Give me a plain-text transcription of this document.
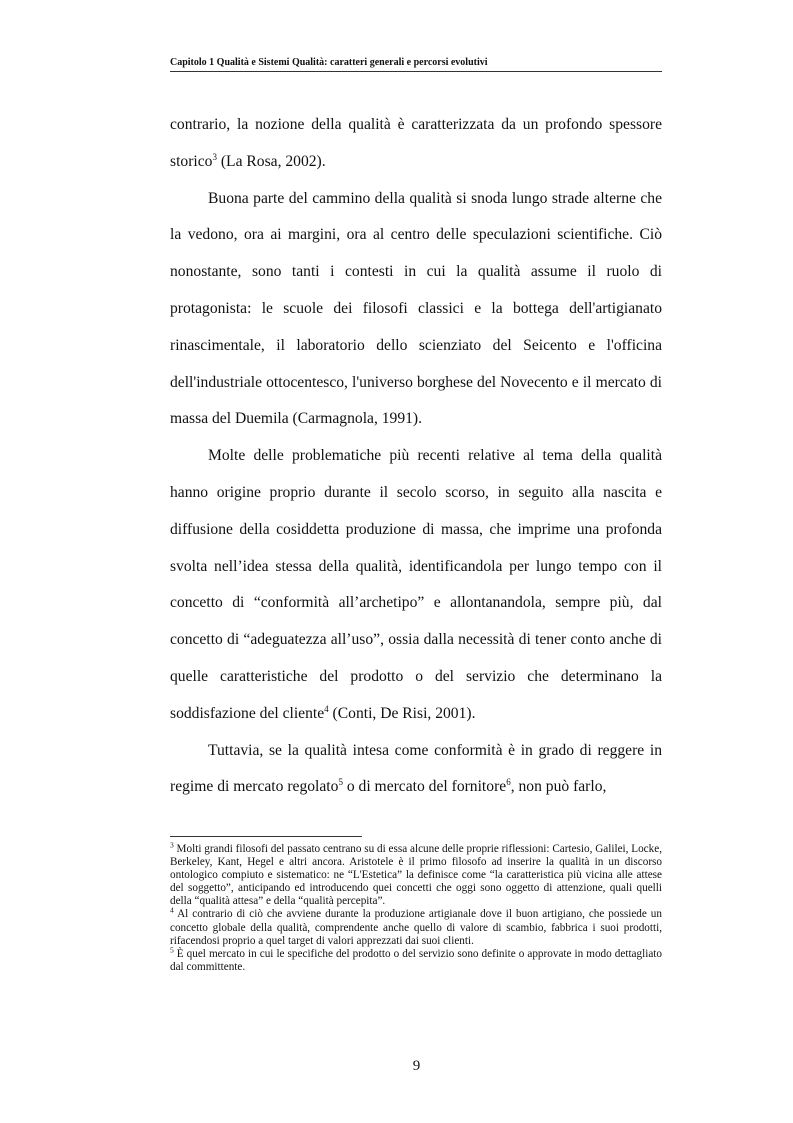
Capitolo 1 Qualità e Sistemi Qualità: caratteri generali e percorsi evolutivi

contrario, la nozione della qualità è caratterizzata da un profondo spessore storico$^3$ (La Rosa, 2002).

Buona parte del cammino della qualità si snoda lungo strade alterne che la vedono, ora ai margini, ora al centro delle speculazioni scientifiche. Ciò nonostante, sono tanti i contesti in cui la qualità assume il ruolo di protagonista: le scuole dei filosofi classici e la bottega dell'artigianato rinascimentale, il laboratorio dello scienziato del Seicento e l'officina dell'industriale ottocentesco, l'universo borghese del Novecento e il mercato di massa del Duemila (Carmagnola, 1991).

Molte delle problematiche più recenti relative al tema della qualità hanno origine proprio durante il secolo scorso, in seguito alla nascita e diffusione della cosiddetta produzione di massa, che imprime una profonda svolta nell’idea stessa della qualità, identificandola per lungo tempo con il concetto di “conformità all’archetipo” e allontanandola, sempre più, dal concetto di “adeguatezza all’uso”, ossia dalla necessità di tener conto anche di quelle caratteristiche del prodotto o del servizio che determinano la soddisfazione del cliente$^4$ (Conti, De Risi, 2001).

Tuttavia, se la qualità intesa come conformità è in grado di reggere in regime di mercato regolato$^5$ o di mercato del fornitore$^6$, non può farlo,

$^3$ Molti grandi filosofi del passato centrano su di essa alcune delle proprie riflessioni: Cartesio, Galilei, Locke, Berkeley, Kant, Hegel e altri ancora. Aristotele è il primo filosofo ad inserire la qualità in un discorso ontologico compiuto e sistematico: ne “L'Estetica” la definisce come “la caratteristica più vicina alle attese del soggetto”, anticipando ed introducendo quei concetti che oggi sono oggetto di attenzione, quali quelli della “qualità attesa” e della “qualità percepita”.

$^4$ Al contrario di ciò che avviene durante la produzione artigianale dove il buon artigiano, che possiede un concetto globale della qualità, comprendente anche quello di valore di scambio, fabbrica i suoi prodotti, rifacendosi proprio a quel target di valori apprezzati dai suoi clienti.

$^5$ È quel mercato in cui le specifiche del prodotto o del servizio sono definite o approvate in modo dettagliato dal committente.

9
